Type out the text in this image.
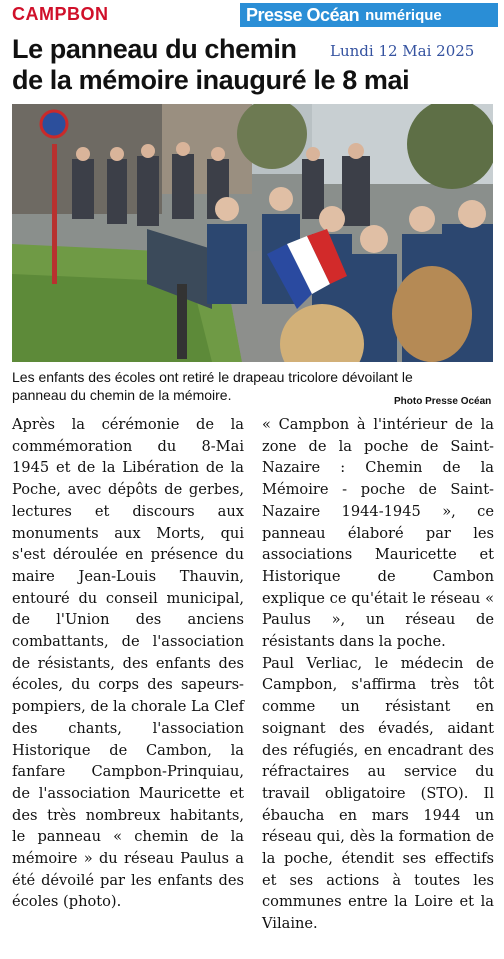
CAMPBON	Presse Océan numérique
Le panneau du chemin	Lundi 12 Mai 2025
de la mémoire inauguré le 8 mai
Les enfants des écoles ont retiré le drapeau tricolore dévoilant le panneau du chemin de la mémoire.	Photo Presse Océan

Après la cérémonie de la commémoration du 8-Mai 1945 et de la Libération de la Poche, avec dépôts de gerbes, lectures et discours aux monuments aux Morts, qui s'est déroulée en présence du maire Jean-Louis Thauvin, entouré du conseil municipal, de l'Union des anciens combattants, de l'association de résistants, des enfants des écoles, du corps des sapeurs-pompiers, de la chorale La Clef des chants, l'association Historique de Cambon, la fanfare Campbon-Prinquiau, de l'association Mauricette et des très nombreux habitants, le panneau « chemin de la mémoire » du réseau Paulus a été dévoilé par les enfants des écoles (photo).

« Campbon à l'intérieur de la zone de la poche de Saint-Nazaire : Chemin de la Mémoire - poche de Saint-Nazaire 1944-1945 », ce panneau élaboré par les associations Mauricette et Historique de Cambon explique ce qu'était le réseau « Paulus », un réseau de résistants dans la poche.

Paul Verliac, le médecin de Campbon, s'affirma très tôt comme un résistant en soignant des évadés, aidant des réfugiés, en encadrant des réfractaires au service du travail obligatoire (STO). Il ébaucha en mars 1944 un réseau qui, dès la formation de la poche, étendit ses effectifs et ses actions à toutes les communes entre la Loire et la Vilaine.
